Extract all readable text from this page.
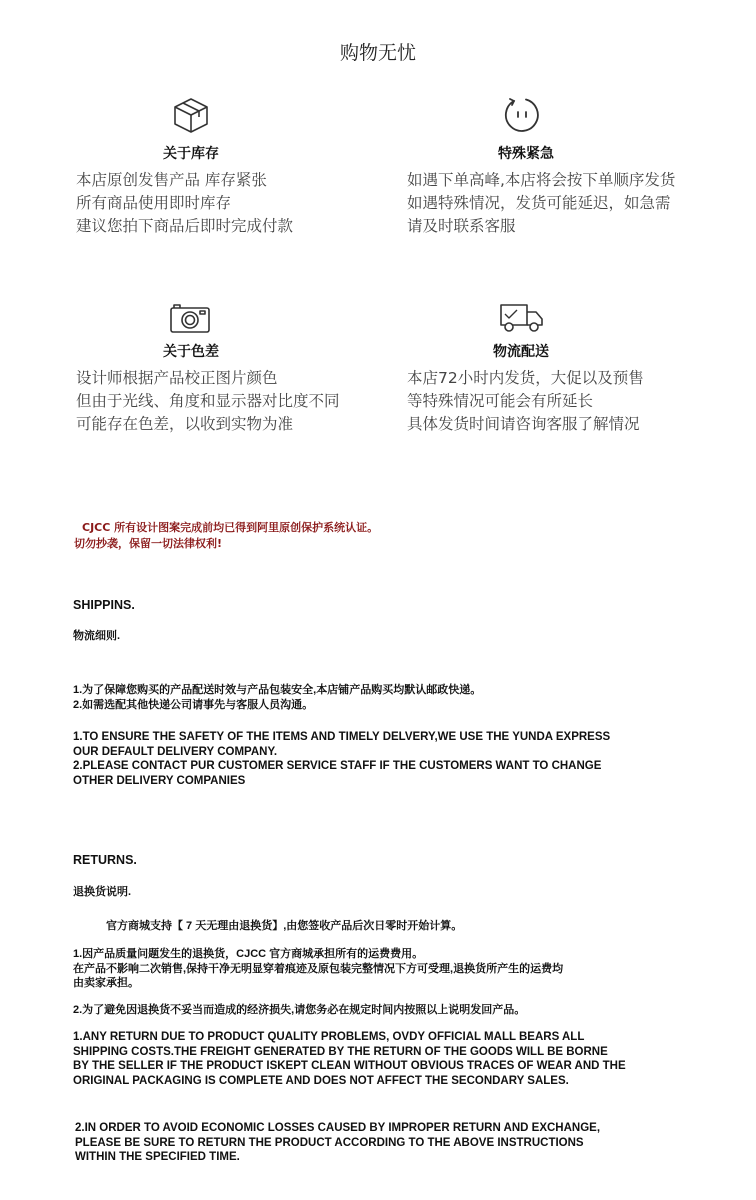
购物无忧
关于库存
本店原创发售产品 库存紧张
所有商品使用即时库存
建议您拍下商品后即时完成付款
特殊紧急
如遇下单高峰,本店将会按下单顺序发货
如遇特殊情况，发货可能延迟，如急需
请及时联系客服
关于色差
设计师根据产品校正图片颜色
但由于光线、角度和显示器对比度不同
可能存在色差，以收到实物为准
物流配送
本店72小时内发货，大促以及预售
等特殊情况可能会有所延长
具体发货时间请咨询客服了解情况
CJCC 所有设计图案完成前均已得到阿里原创保护系统认证。
切勿抄袭，保留一切法律权利!
SHIPPINS.
物流细则.
1.为了保障您购买的产品配送时效与产品包装安全,本店铺产品购买均默认邮政快递。
2.如需选配其他快递公司请事先与客服人员沟通。
1.TO ENSURE THE SAFETY OF THE ITEMS AND TIMELY DELVERY,WE USE THE YUNDA EXPRESS
OUR DEFAULT DELIVERY COMPANY.
2.PLEASE CONTACT PUR CUSTOMER SERVICE STAFF IF THE CUSTOMERS WANT TO CHANGE
OTHER DELIVERY COMPANIES
RETURNS.
退换货说明.
官方商城支持【 7 天无理由退换货】,由您签收产品后次日零时开始计算。
1.因产品质量问题发生的退换货，CJCC 官方商城承担所有的运费费用。
在产品不影响二次销售,保持干净无明显穿着痕迹及原包装完整情况下方可受理,退换货所产生的运费均
由卖家承担。
2.为了避免因退换货不妥当而造成的经济损失,请您务必在规定时间内按照以上说明发回产品。
1.ANY RETURN DUE TO PRODUCT QUALITY PROBLEMS, OVDY OFFICIAL MALL BEARS ALL
SHIPPING COSTS.THE FREIGHT GENERATED BY THE RETURN OF THE GOODS WILL BE BORNE
BY THE SELLER IF THE PRODUCT ISKEPT CLEAN WITHOUT OBVIOUS TRACES OF WEAR AND THE
ORIGINAL PACKAGING IS COMPLETE AND DOES NOT AFFECT THE SECONDARY SALES.
2.IN ORDER TO AVOID ECONOMIC LOSSES CAUSED BY IMPROPER RETURN AND EXCHANGE,
PLEASE BE SURE TO RETURN THE PRODUCT ACCORDING TO THE ABOVE INSTRUCTIONS
WITHIN THE SPECIFIED TIME.
